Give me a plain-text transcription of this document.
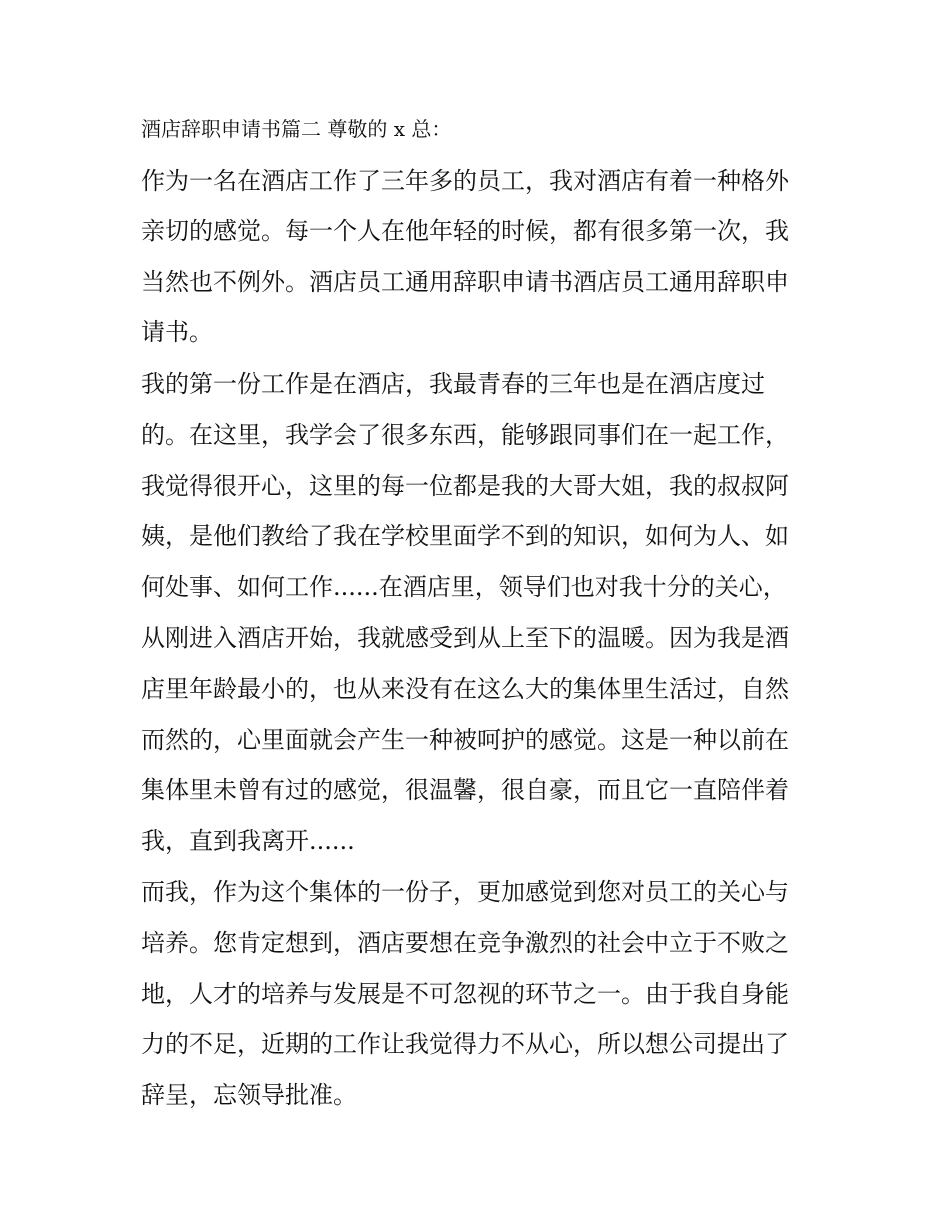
酒店辞职申请书篇二 尊敬的 x 总：
作为一名在酒店工作了三年多的员工，我对酒店有着一种格外
亲切的感觉。每一个人在他年轻的时候，都有很多第一次，我
当然也不例外。酒店员工通用辞职申请书酒店员工通用辞职申
请书。
我的第一份工作是在酒店，我最青春的三年也是在酒店度过
的。在这里，我学会了很多东西，能够跟同事们在一起工作，
我觉得很开心，这里的每一位都是我的大哥大姐，我的叔叔阿
姨，是他们教给了我在学校里面学不到的知识，如何为人、如
何处事、如何工作......在酒店里，领导们也对我十分的关心，
从刚进入酒店开始，我就感受到从上至下的温暖。因为我是酒
店里年龄最小的，也从来没有在这么大的集体里生活过，自然
而然的，心里面就会产生一种被呵护的感觉。这是一种以前在
集体里未曾有过的感觉，很温馨，很自豪，而且它一直陪伴着
我，直到我离开......
而我，作为这个集体的一份子，更加感觉到您对员工的关心与
培养。您肯定想到，酒店要想在竞争激烈的社会中立于不败之
地，人才的培养与发展是不可忽视的环节之一。由于我自身能
力的不足，近期的工作让我觉得力不从心，所以想公司提出了
辞呈，忘领导批准。
